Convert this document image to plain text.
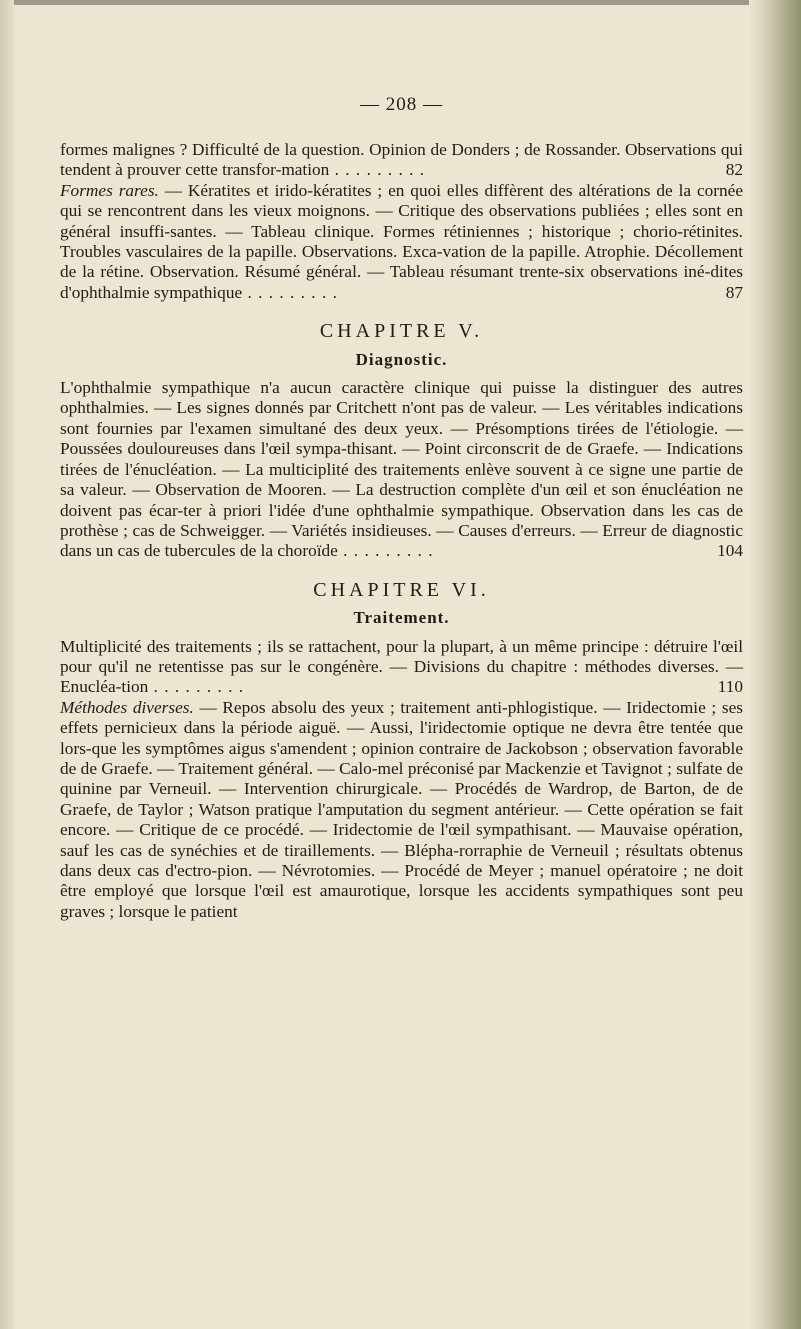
— 208 —

formes malignes ? Difficulté de la question. Opinion de Donders ; de Rossander. Observations qui tendent à prouver cette transfor-mation . . . . . . . . .	82

Formes rares. — Kératites et irido-kératites ; en quoi elles diffèrent des altérations de la cornée qui se rencontrent dans les vieux moignons. — Critique des observations publiées ; elles sont en général insuffi-santes. — Tableau clinique. Formes rétiniennes ; historique ; chorio-rétinites. Troubles vasculaires de la papille. Observations. Exca-vation de la papille. Atrophie. Décollement de la rétine. Observation. Résumé général. — Tableau résumant trente-six observations iné-dites d'ophthalmie sympathique . . . . . . . . .	87

CHAPITRE V.
Diagnostic.

L'ophthalmie sympathique n'a aucun caractère clinique qui puisse la distinguer des autres ophthalmies. — Les signes donnés par Critchett n'ont pas de valeur. — Les véritables indications sont fournies par l'examen simultané des deux yeux. — Présomptions tirées de l'étiologie. — Poussées douloureuses dans l'œil sympa-thisant. — Point circonscrit de de Graefe. — Indications tirées de l'énucléation. — La multiciplité des traitements enlève souvent à ce signe une partie de sa valeur. — Observation de Mooren. — La destruction complète d'un œil et son énucléation ne doivent pas écar-ter à priori l'idée d'une ophthalmie sympathique. Observation dans les cas de prothèse ; cas de Schweigger. — Variétés insidieuses. — Causes d'erreurs. — Erreur de diagnostic dans un cas de tubercules de la choroïde . . . . . . . . .	104

CHAPITRE VI.
Traitement.

Multiplicité des traitements ; ils se rattachent, pour la plupart, à un même principe : détruire l'œil pour qu'il ne retentisse pas sur le congénère. — Divisions du chapitre : méthodes diverses. — Enucléa-tion . . . . . . . . .	110

Méthodes diverses. — Repos absolu des yeux ; traitement anti-phlogistique. — Iridectomie ; ses effets pernicieux dans la période aiguë. — Aussi, l'iridectomie optique ne devra être tentée que lors-que les symptômes aigus s'amendent ; opinion contraire de Jackobson ; observation favorable de de Graefe. — Traitement général. — Calo-mel préconisé par Mackenzie et Tavignot ; sulfate de quinine par Verneuil. — Intervention chirurgicale. — Procédés de Wardrop, de Barton, de de Graefe, de Taylor ; Watson pratique l'amputation du segment antérieur. — Cette opération se fait encore. — Critique de ce procédé. — Iridectomie de l'œil sympathisant. — Mauvaise opération, sauf les cas de synéchies et de tiraillements. — Blépha-rorraphie de Verneuil ; résultats obtenus dans deux cas d'ectro-pion. — Névrotomies. — Procédé de Meyer ; manuel opératoire ; ne doit être employé que lorsque l'œil est amaurotique, lorsque les accidents sympathiques sont peu graves ; lorsque le patient
